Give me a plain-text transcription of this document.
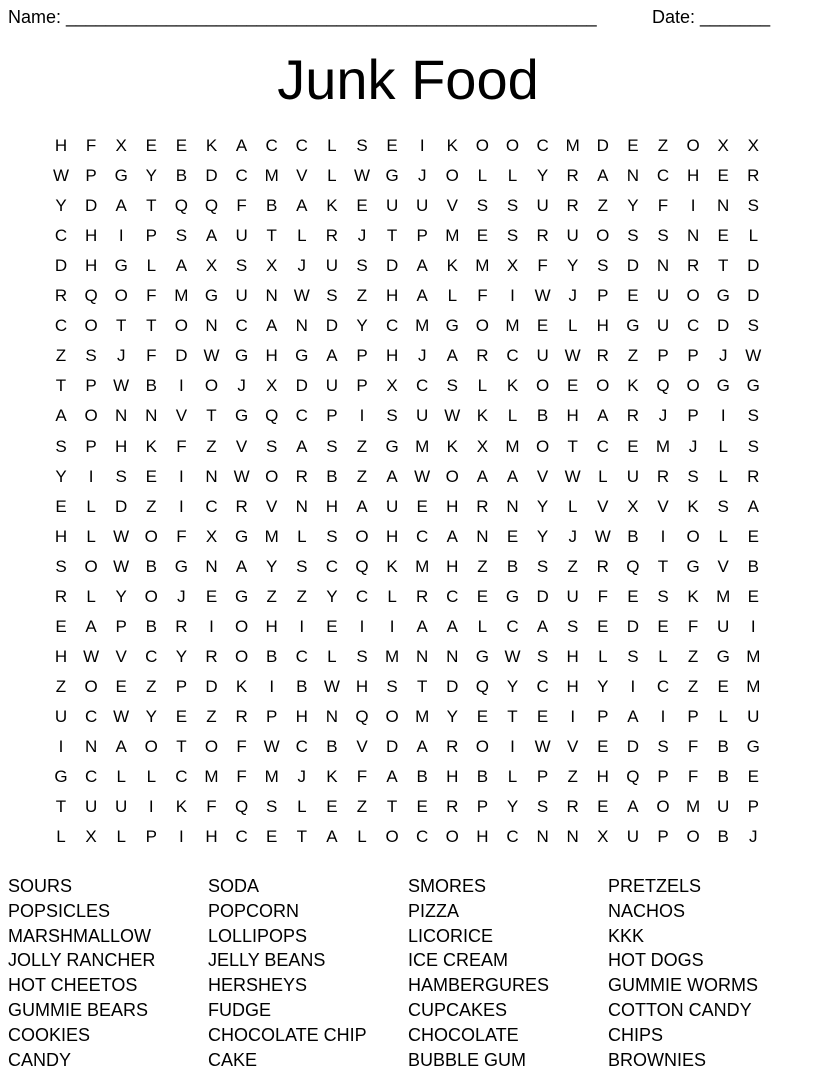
Name: _____________________________________________________	Date: _______
Junk Food
H	F	X	E	E	K	A	C	C	L	S	E	I	K	O O	C M D	E	Z	O	X	X
W P	G	Y	B	D	C M	V	L	W G	J	O	L	L	Y	R	A	N	C	H	E	R
Y	D	A	T	Q Q	F	B	A	K	E	U	U	V	S	S	U	R	Z	Y	F	I	N	S
C	H	I	P	S	A	U	T	L	R	J	T	P	M	E	S	R	U	O	S	S	N	E	L
D	H	G	L	A	X	S	X	J	U	S	D	A	K	M	X	F	Y	S	D	N	R	T	D
R	Q O	F	M G	U	N W S	Z	H	A	L	F	I	W	J	P	E	U	O G	D
C	O	T	T	O	N	C	A	N	D	Y	C M G O M	E	L	H	G	U	C	D	S
Z	S	J	F	D W G	H	G	A	P	H	J	A	R	C	U W R	Z	P	P	J	W
T	P W B	I	O	J	X	D	U	P	X	C	S	L	K	O	E	O	K	Q O G G
A	O	N	N	V	T	G Q	C	P	I	S	U W K	L	B	H	A	R	J	P	I	S
S	P	H	K	F	Z	V	S	A	S	Z	G M	K	X	M O	T	C	E	M	J	L	S
Y	I	S	E	I	N W O	R	B	Z	A W O	A	A	V W	L	U	R	S	L	R
E	L	D	Z	I	C	R	V	N	H	A	U	E	H	R	N	Y	L	V	X	V	K	S	A
H	L	W O	F	X	G M	L	S	O	H	C	A	N	E	Y	J	W B	I	O	L	E
S	O W B	G	N	A	Y	S	C	Q	K	M H	Z	B	S	Z	R	Q	T	G	V	B
R	L	Y	O	J	E	G	Z	Z	Y	C	L	R	C	E	G	D	U	F	E	S	K	M	E
E	A	P	B	R	I	O	H	I	E	I	I	A	A	L	C	A	S	E	D	E	F	U	I
H W V	C	Y	R	O	B	C	L	S	M N	N	G W S	H	L	S	L	Z	G M
Z	O	E	Z	P	D	K	I	B W H	S	T	D	Q	Y	C	H	Y	I	C	Z	E	M
U	C W Y	E	Z	R	P	H	N	Q O M	Y	E	T	E	I	P	A	I	P	L	U
I	N	A	O	T	O	F W C	B	V	D	A	R	O	I	W V	E	D	S	F	B	G
G	C	L	L	C M	F	M	J	K	F	A	B	H	B	L	P	Z	H	Q	P	F	B	E
T	U	U	I	K	F	Q	S	L	E	Z	T	E	R	P	Y	S	R	E	A	O M U	P
L	X	L	P	I	H	C	E	T	A	L	O	C	O	H	C	N	N	X	U	P	O	B	J
SOURS
POPSICLES
MARSHMALLOW
JOLLY RANCHER
HOT CHEETOS
GUMMIE BEARS
COOKIES
CANDY
SODA
POPCORN
LOLLIPOPS
JELLY BEANS
HERSHEYS
FUDGE
CHOCOLATE CHIP
CAKE
SMORES
PIZZA
LICORICE
ICE CREAM
HAMBERGURES
CUPCAKES
CHOCOLATE
BUBBLE GUM
PRETZELS
NACHOS
KKK
HOT DOGS
GUMMIE WORMS
COTTON CANDY
CHIPS
BROWNIES
